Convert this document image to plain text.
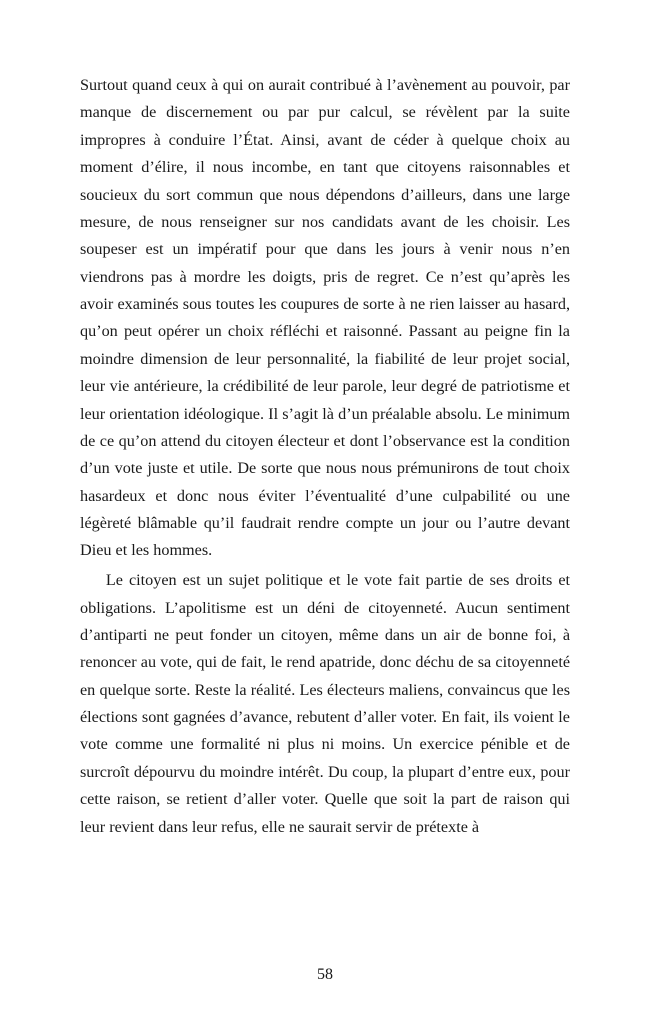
Surtout quand ceux à qui on aurait contribué à l’avènement au pouvoir, par manque de discernement ou par pur calcul, se révèlent par la suite impropres à conduire l’État. Ainsi, avant de céder à quelque choix au moment d’élire, il nous incombe, en tant que citoyens raisonnables et soucieux du sort commun que nous dépendons d’ailleurs, dans une large mesure, de nous renseigner sur nos candidats avant de les choisir. Les soupeser est un impératif pour que dans les jours à venir nous n’en viendrons pas à mordre les doigts, pris de regret. Ce n’est qu’après les avoir examinés sous toutes les coupures de sorte à ne rien laisser au hasard, qu’on peut opérer un choix réfléchi et raisonné. Passant au peigne fin la moindre dimension de leur personnalité, la fiabilité de leur projet social, leur vie antérieure, la crédibilité de leur parole, leur degré de patriotisme et leur orientation idéologique. Il s’agit là d’un préalable absolu. Le minimum de ce qu’on attend du citoyen électeur et dont l’observance est la condition d’un vote juste et utile. De sorte que nous nous prémunirons de tout choix hasardeux et donc nous éviter l’éventualité d’une culpabilité ou une légèreté blâmable qu’il faudrait rendre compte un jour ou l’autre devant Dieu et les hommes.

Le citoyen est un sujet politique et le vote fait partie de ses droits et obligations. L’apolitisme est un déni de citoyenneté. Aucun sentiment d’antiparti ne peut fonder un citoyen, même dans un air de bonne foi, à renoncer au vote, qui de fait, le rend apatride, donc déchu de sa citoyenneté en quelque sorte. Reste la réalité. Les électeurs maliens, convaincus que les élections sont gagnées d’avance, rebutent d’aller voter. En fait, ils voient le vote comme une formalité ni plus ni moins. Un exercice pénible et de surcroît dépourvu du moindre intérêt. Du coup, la plupart d’entre eux, pour cette raison, se retient d’aller voter. Quelle que soit la part de raison qui leur revient dans leur refus, elle ne saurait servir de prétexte à

58
